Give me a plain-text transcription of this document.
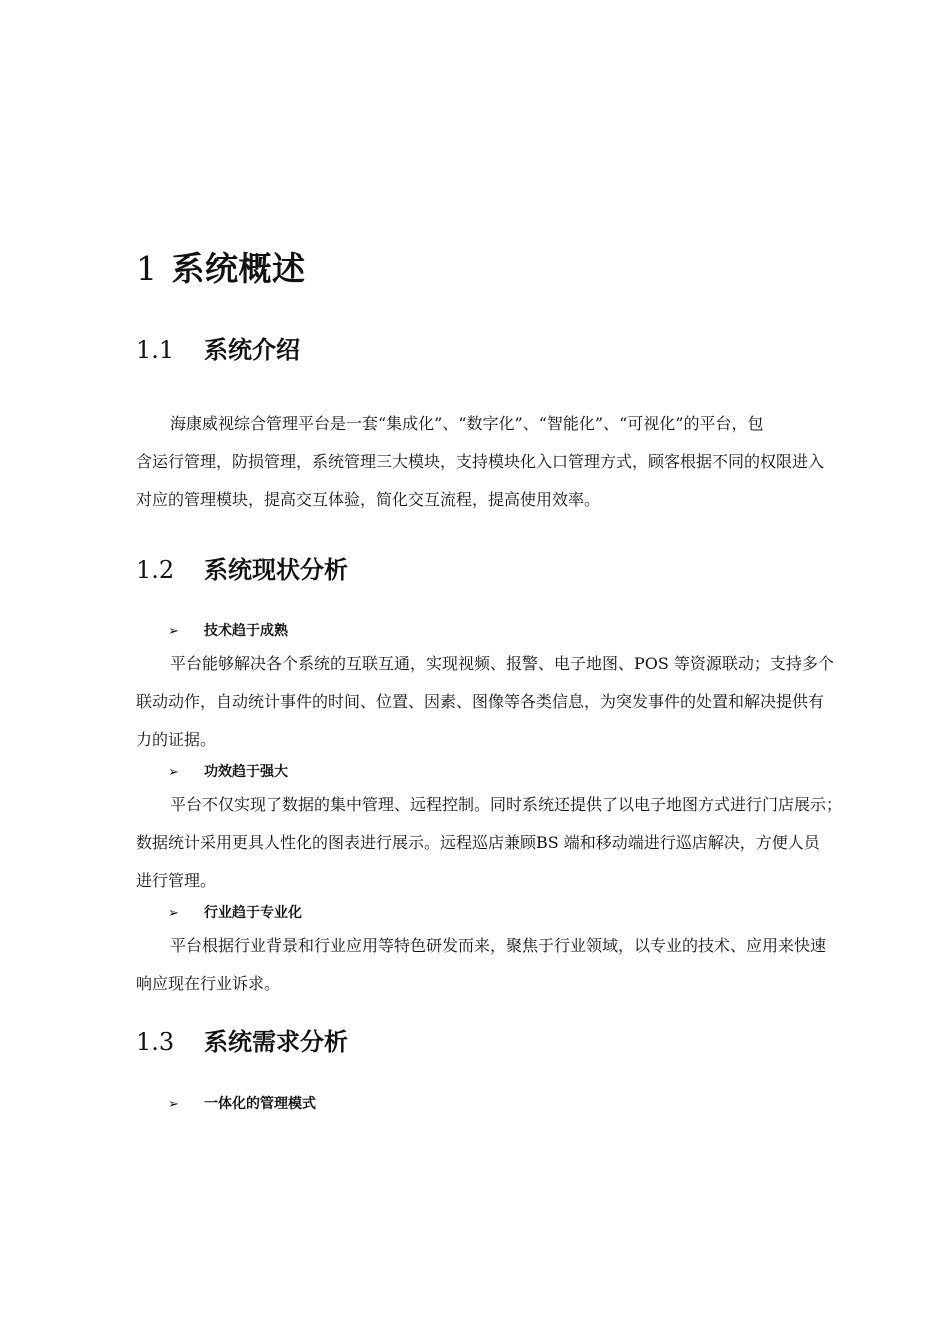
1 系统概述
1.1 系统介绍
海康威视综合管理平台是一套“集成化”、“数字化”、“智能化”、“可视化”的平台，包
含运行管理，防损管理，系统管理三大模块，支持模块化入口管理方式，顾客根据不同的权限进入
对应的管理模块，提高交互体验，简化交互流程，提高使用效率。
1.2 系统现状分析
➢ 技术趋于成熟
平台能够解决各个系统的互联互通，实现视频、报警、电子地图、POS 等资源联动；支持多个
联动动作，自动统计事件的时间、位置、因素、图像等各类信息，为突发事件的处置和解决提供有
力的证据。
➢ 功效趋于强大
平台不仅实现了数据的集中管理、远程控制。同时系统还提供了以电子地图方式进行门店展示；
数据统计采用更具人性化的图表进行展示。远程巡店兼顾BS 端和移动端进行巡店解决，方便人员
进行管理。
➢ 行业趋于专业化
平台根据行业背景和行业应用等特色研发而来，聚焦于行业领域，以专业的技术、应用来快速
响应现在行业诉求。
1.3 系统需求分析
➢ 一体化的管理模式
